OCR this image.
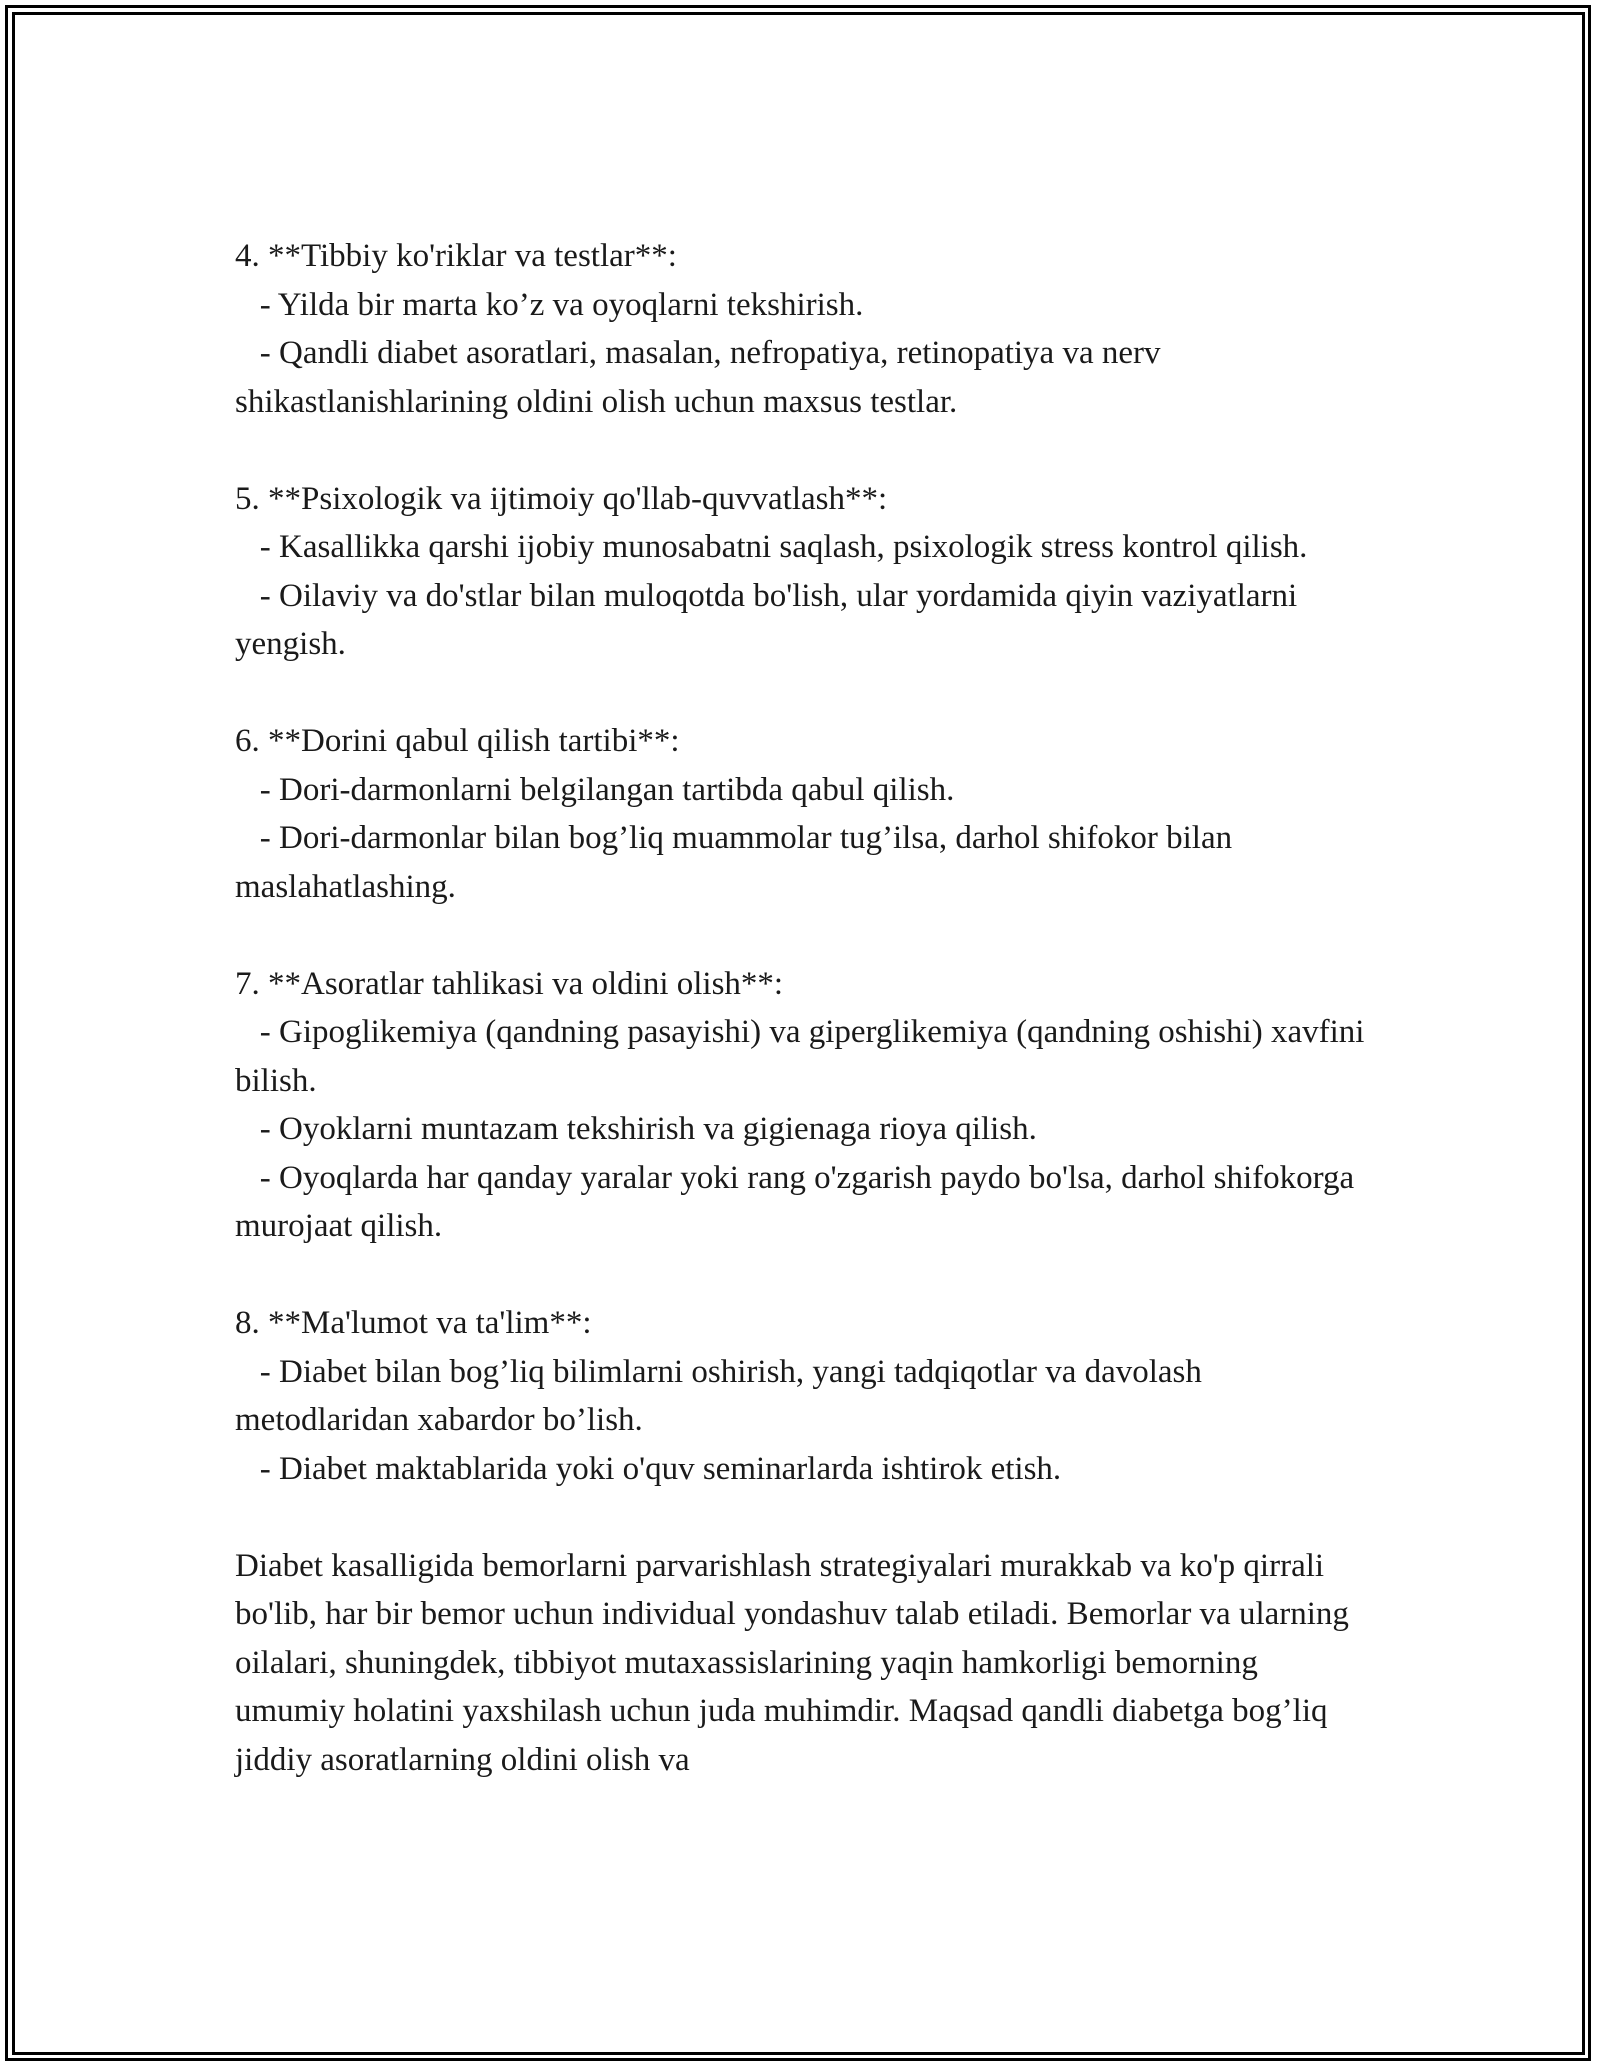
4. **Tibbiy ko'riklar va testlar**:

- Yilda bir marta ko’z va oyoqlarni tekshirish.

- Qandli diabet asoratlari, masalan, nefropatiya, retinopatiya va nerv shikastlanishlarining oldini olish uchun maxsus testlar.

5. **Psixologik va ijtimoiy qo'llab-quvvatlash**:

- Kasallikka qarshi ijobiy munosabatni saqlash, psixologik stress kontrol qilish.

- Oilaviy va do'stlar bilan muloqotda bo'lish, ular yordamida qiyin vaziyatlarni yengish.

6. **Dorini qabul qilish tartibi**:

- Dori-darmonlarni belgilangan tartibda qabul qilish.

- Dori-darmonlar bilan bog’liq muammolar tug’ilsa, darhol shifokor bilan maslahatlashing.

7. **Asoratlar tahlikasi va oldini olish**:

- Gipoglikemiya (qandning pasayishi) va giperglikemiya (qandning oshishi) xavfini bilish.

- Oyoklarni muntazam tekshirish va gigienaga rioya qilish.

- Oyoqlarda har qanday yaralar yoki rang o'zgarish paydo bo'lsa, darhol shifokorga murojaat qilish.

8. **Ma'lumot va ta'lim**:

- Diabet bilan bog’liq bilimlarni oshirish, yangi tadqiqotlar va davolash metodlaridan xabardor bo’lish.

- Diabet maktablarida yoki o'quv seminarlarda ishtirok etish.

Diabet kasalligida bemorlarni parvarishlash strategiyalari murakkab va ko'p qirrali bo'lib, har bir bemor uchun individual yondashuv talab etiladi. Bemorlar va ularning oilalari, shuningdek, tibbiyot mutaxassislarining yaqin hamkorligi bemorning umumiy holatini yaxshilash uchun juda muhimdir. Maqsad qandli diabetga bog’liq jiddiy asoratlarning oldini olish va
